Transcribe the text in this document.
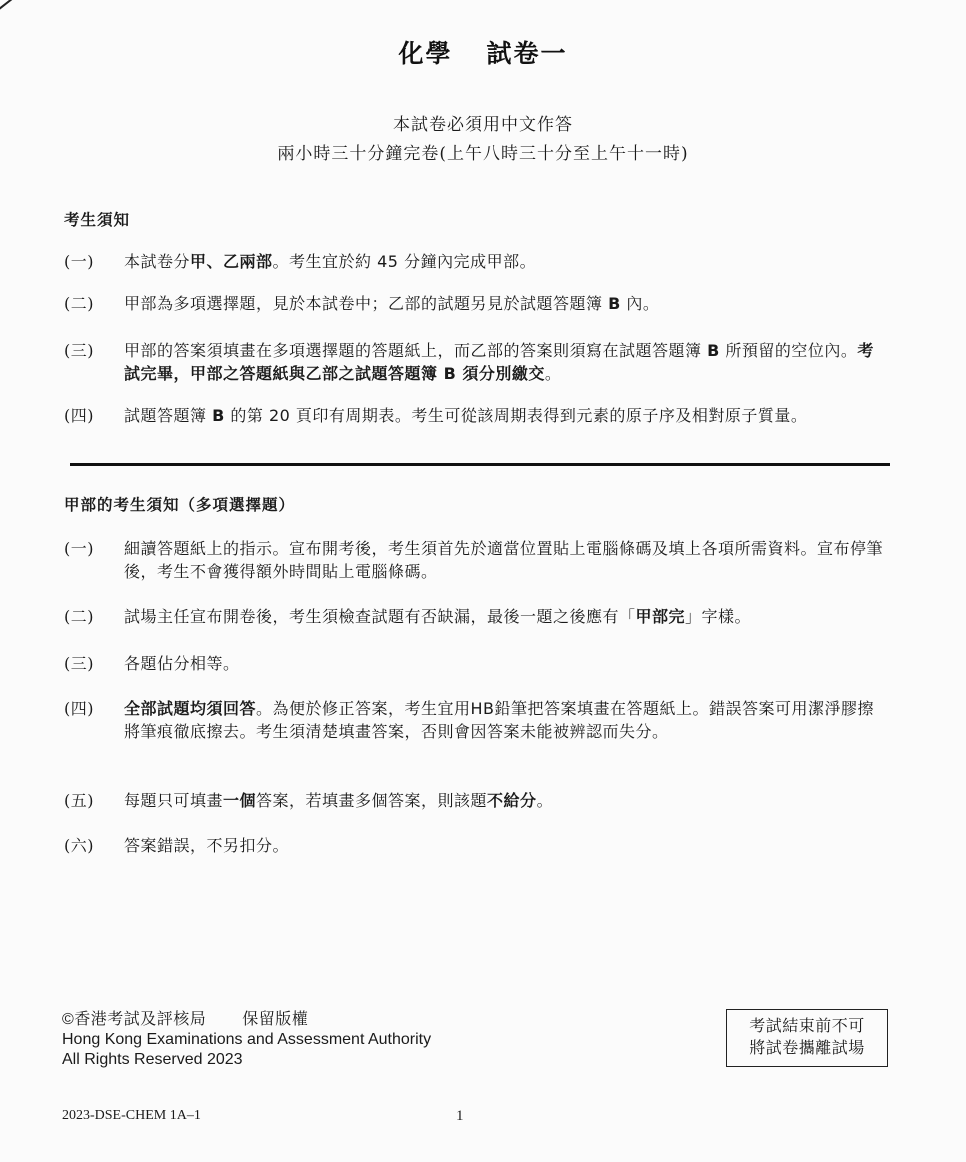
化學 試卷一
本試卷必須用中文作答
兩小時三十分鐘完卷(上午八時三十分至上午十一時)
考生須知
(一)	本試卷分甲、乙兩部。考生宜於約 45 分鐘內完成甲部。
(二)	甲部為多項選擇題，見於本試卷中；乙部的試題另見於試題答題簿 B 內。
(三)	甲部的答案須填畫在多項選擇題的答題紙上，而乙部的答案則須寫在試題答題簿 B 所預留的空位內。考試完畢，甲部之答題紙與乙部之試題答題簿 B 須分別繳交。
(四)	試題答題簿 B 的第 20 頁印有周期表。考生可從該周期表得到元素的原子序及相對原子質量。
甲部的考生須知（多項選擇題）
(一)	細讀答題紙上的指示。宣布開考後，考生須首先於適當位置貼上電腦條碼及填上各項所需資料。宣布停筆後，考生不會獲得額外時間貼上電腦條碼。
(二)	試場主任宣布開卷後，考生須檢查試題有否缺漏，最後一題之後應有「甲部完」字樣。
(三)	各題佔分相等。
(四)	全部試題均須回答。為便於修正答案，考生宜用HB鉛筆把答案填畫在答題紙上。錯誤答案可用潔淨膠擦將筆痕徹底擦去。考生須清楚填畫答案，否則會因答案未能被辨認而失分。
(五)	每題只可填畫一個答案，若填畫多個答案，則該題不給分。
(六)	答案錯誤，不另扣分。
©香港考試及評核局 保留版權
Hong Kong Examinations and Assessment Authority
All Rights Reserved 2023
考試結束前不可
將試卷攜離試場
2023-DSE-CHEM 1A–1	1
